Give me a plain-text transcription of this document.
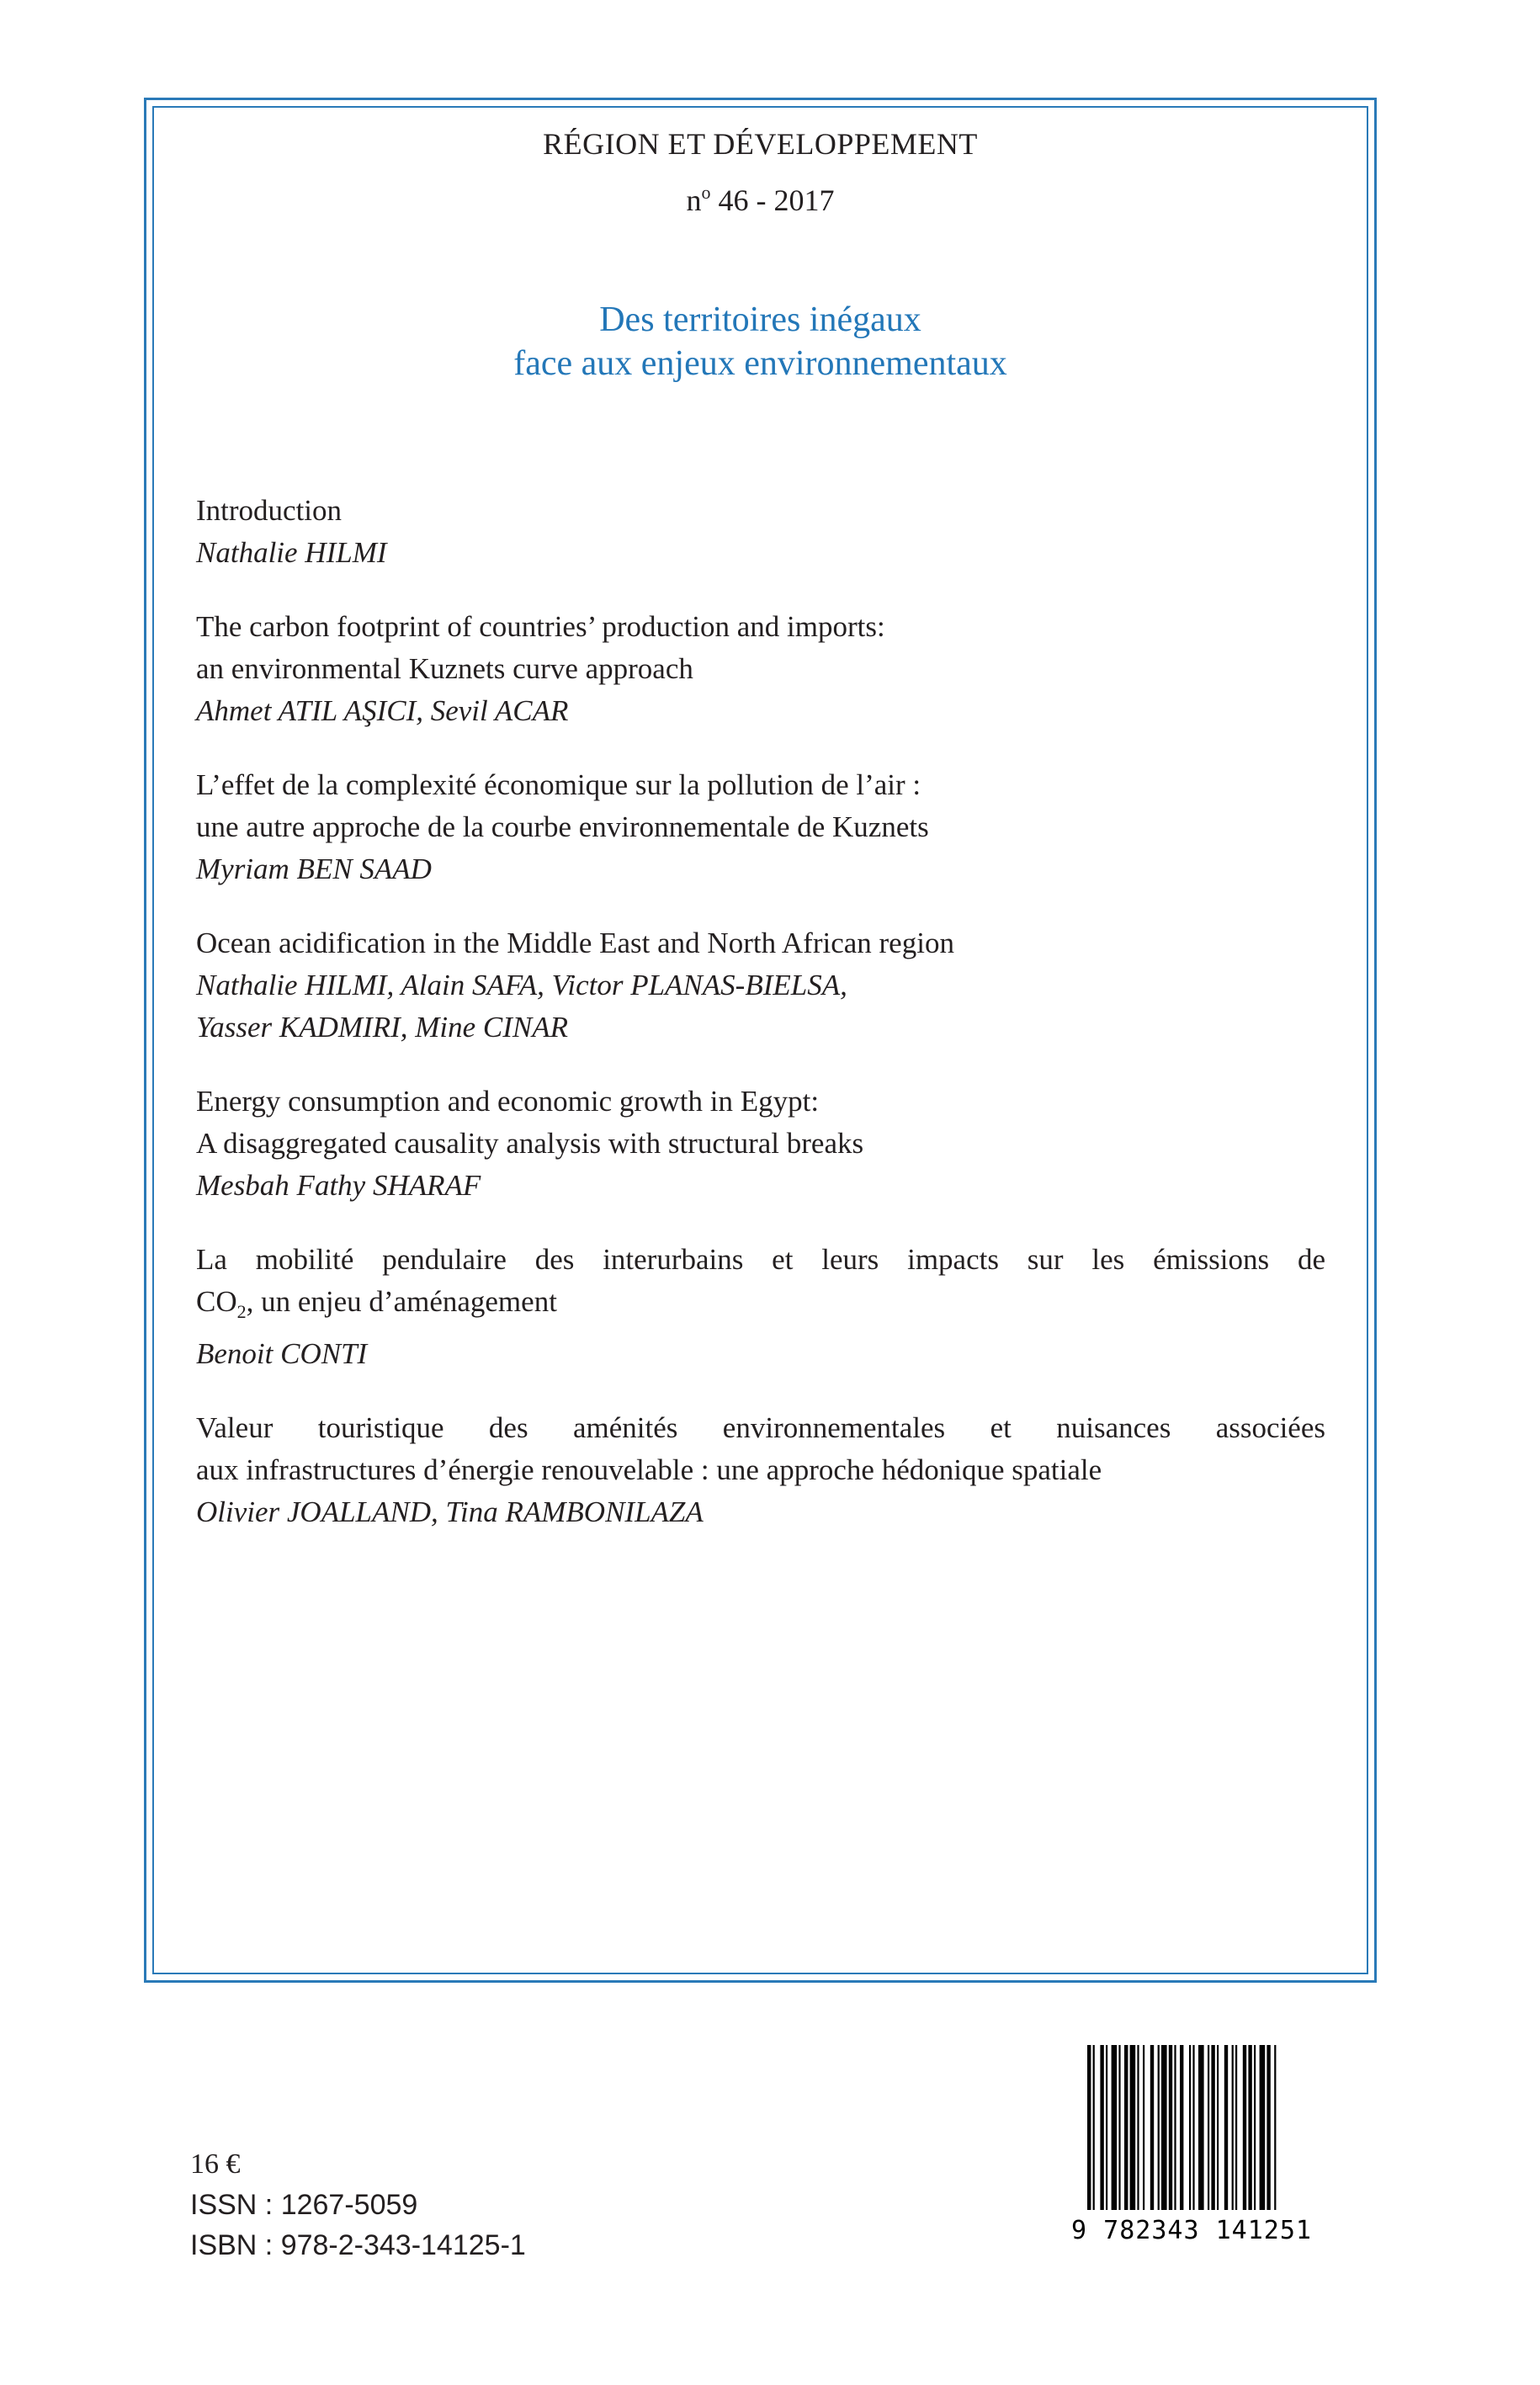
RÉGION ET DÉVELOPPEMENT
$n^o$ 46 - 2017
Des territoires inégaux
face aux enjeux environnementaux
Introduction
Nathalie HILMI
The carbon footprint of countries’ production and imports:
an environmental Kuznets curve approach
Ahmet ATIL AŞICI, Sevil ACAR
L’effet de la complexité économique sur la pollution de l’air :
une autre approche de la courbe environnementale de Kuznets
Myriam BEN SAAD
Ocean acidification in the Middle East and North African region
Nathalie HILMI, Alain SAFA, Victor PLANAS-BIELSA,
Yasser KADMIRI, Mine CINAR
Energy consumption and economic growth in Egypt:
A disaggregated causality analysis with structural breaks
Mesbah Fathy SHARAF
La mobilité pendulaire des interurbains et leurs impacts sur les émissions de
$CO_2$, un enjeu d’aménagement
Benoit CONTI
Valeur touristique des aménités environnementales et nuisances associées
aux infrastructures d’énergie renouvelable : une approche hédonique spatiale
Olivier JOALLAND, Tina RAMBONILAZA
16 €
ISSN : 1267-5059
ISBN : 978-2-343-14125-1	9 782343 141251
